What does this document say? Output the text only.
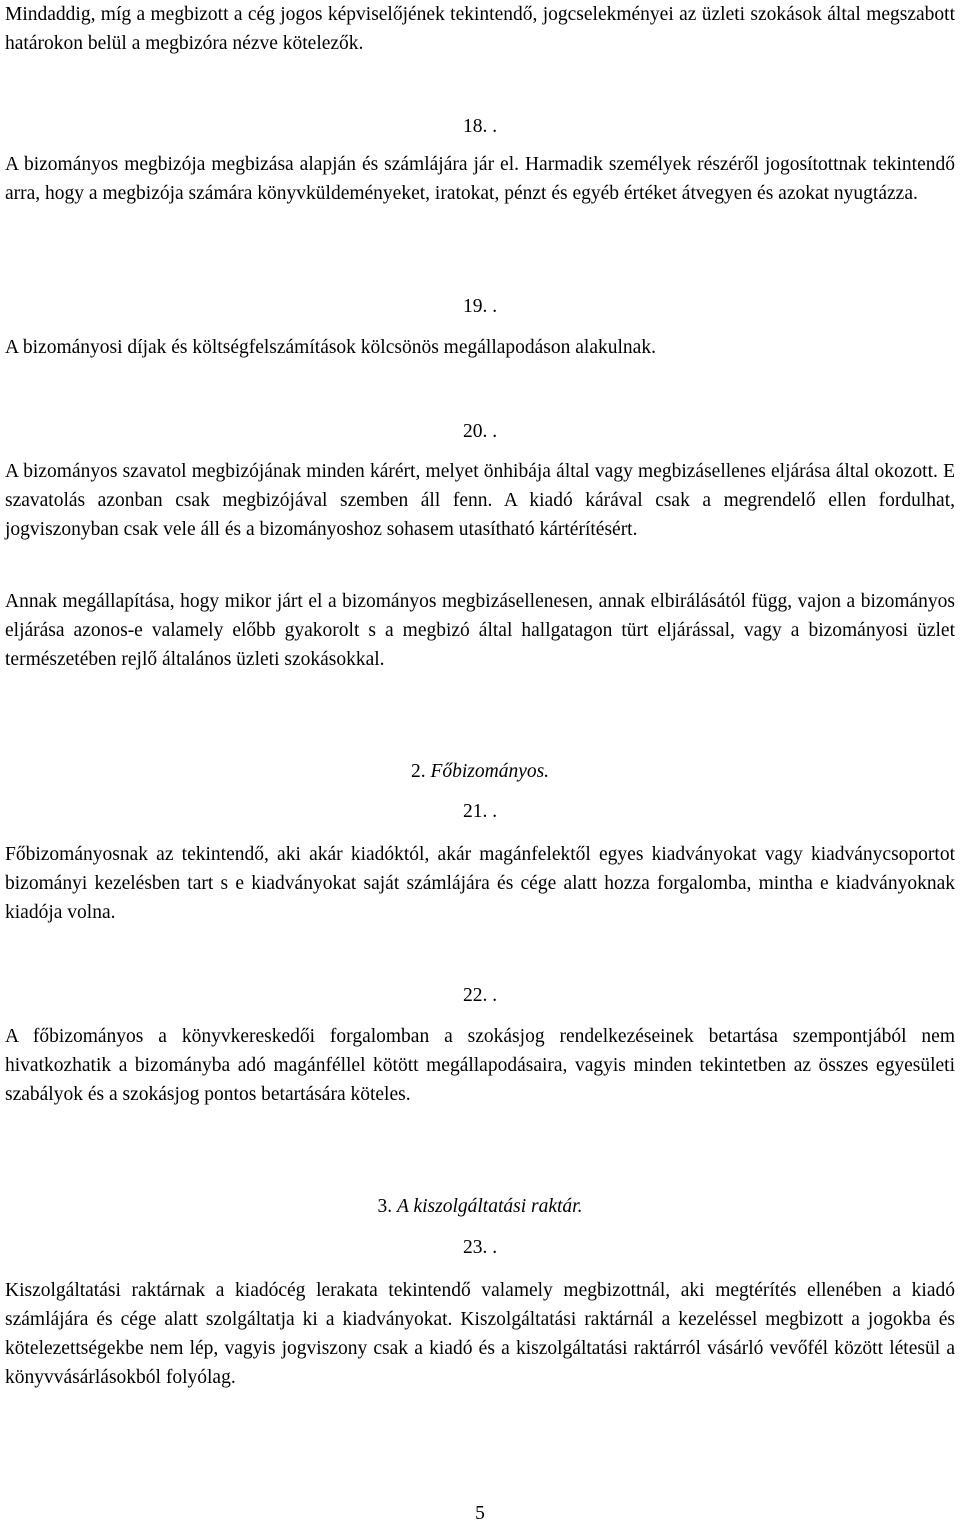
Mindaddig, míg a megbizott a cég jogos képviselőjének tekintendő, jogcselekményei az üzleti szokások által megszabott határokon belül a megbizóra nézve kötelezők.

18. .

A bizományos megbizója megbizása alapján és számlájára jár el. Harmadik személyek részéről jogosítottnak tekintendő arra, hogy a megbizója számára könyvküldeményeket, iratokat, pénzt és egyéb értéket átvegyen és azokat nyugtázza.

19. .

A bizományosi díjak és költségfelszámítások kölcsönös megállapodáson alakulnak.

20. .

A bizományos szavatol megbizójának minden kárért, melyet önhibája által vagy megbizásellenes eljárása által okozott. E szavatolás azonban csak megbizójával szemben áll fenn. A kiadó kárával csak a megrendelő ellen fordulhat, jogviszonyban csak vele áll és a bizományoshoz sohasem utasítható kártérítésért.

Annak megállapítása, hogy mikor járt el a bizományos megbizásellenesen, annak elbirálásától függ, vajon a bizományos eljárása azonos-e valamely előbb gyakorolt s a megbizó által hallgatagon türt eljárással, vagy a bizományosi üzlet természetében rejlő általános üzleti szokásokkal.

2. Főbizományos.

21. .

Főbizományosnak az tekintendő, aki akár kiadóktól, akár magánfelektől egyes kiadványokat vagy kiadványcsoportot bizományi kezelésben tart s e kiadványokat saját számlájára és cége alatt hozza forgalomba, mintha e kiadványoknak kiadója volna.

22. .

A főbizományos a könyvkereskedői forgalomban a szokásjog rendelkezéseinek betartása szempontjából nem hivatkozhatik a bizományba adó magánféllel kötött megállapodásaira, vagyis minden tekintetben az összes egyesületi szabályok és a szokásjog pontos betartására köteles.

3. A kiszolgáltatási raktár.

23. .

Kiszolgáltatási raktárnak a kiadócég lerakata tekintendő valamely megbizottnál, aki megtérítés ellenében a kiadó számlájára és cége alatt szolgáltatja ki a kiadványokat. Kiszolgáltatási raktárnál a kezeléssel megbizott a jogokba és kötelezettségekbe nem lép, vagyis jogviszony csak a kiadó és a kiszolgáltatási raktárról vásárló vevőfél között létesül a könyvvásárlásokból folyólag.

5
